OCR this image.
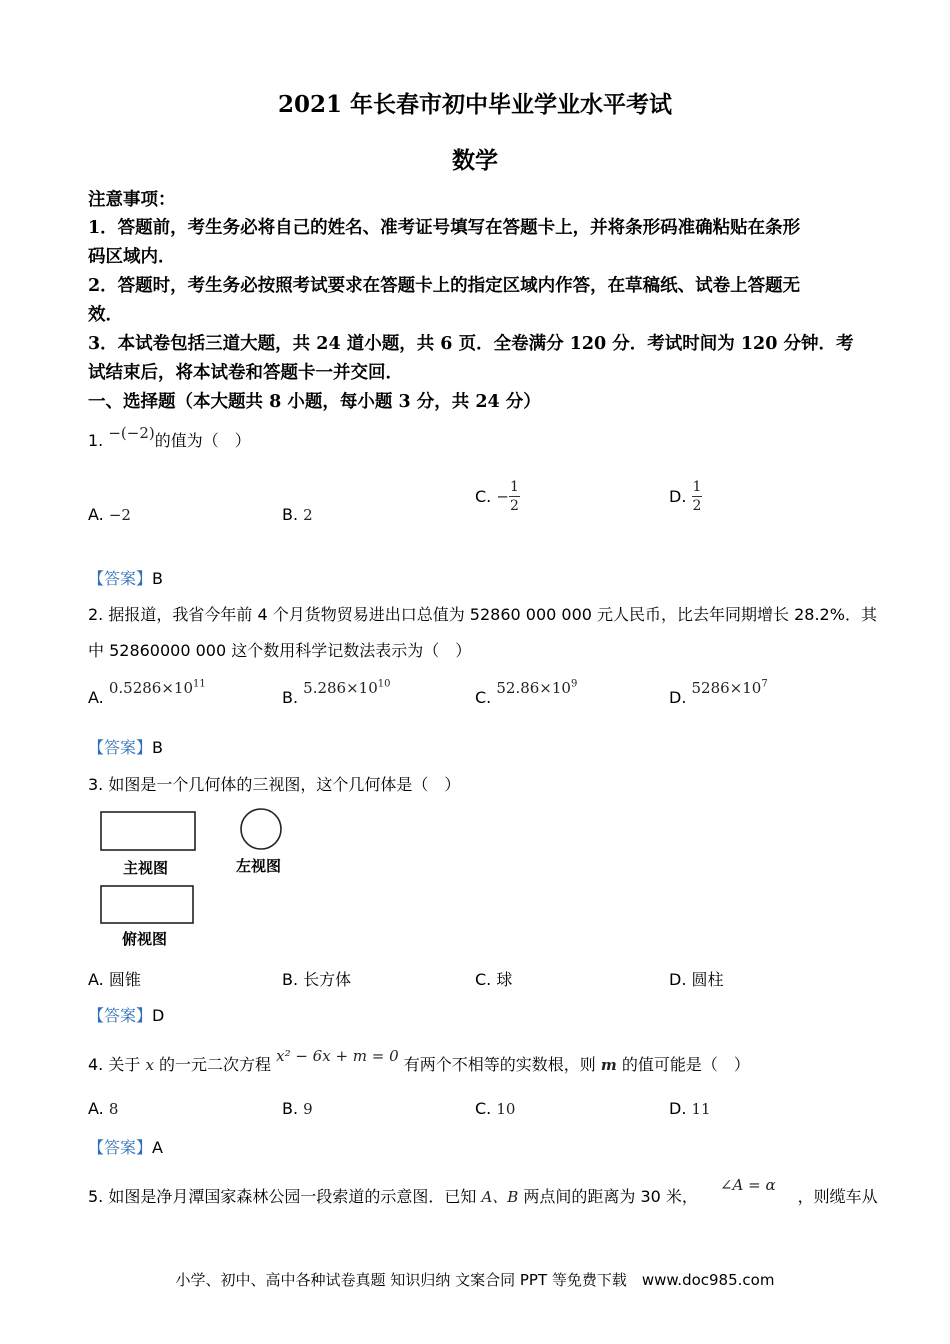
2021 年长春市初中毕业学业水平考试
数学
注意事项：
1．答题前，考生务必将自己的姓名、准考证号填写在答题卡上，并将条形码准确粘贴在条形
码区域内．
2．答题时，考生务必按照考试要求在答题卡上的指定区域内作答，在草稿纸、试卷上答题无
效．
3．本试卷包括三道大题，共 24 道小题，共 6 页．全卷满分 120 分．考试时间为 120 分钟．考
试结束后，将本试卷和答题卡一并交回．
一、选择题（本大题共 8 小题，每小题 3 分，共 24 分）
1. −(−2)的值为（　）
A. −2	B. 2
C. − $\frac{1}{2}$	D. $\frac{1}{2}$
【答案】B
2. 据报道，我省今年前 4 个月货物贸易进出口总值为 52860 000 000 元人民币，比去年同期增长 28.2%．其
中 52860000 000 这个数用科学记数法表示为（　）
A. $0.5286\times 10^{11}$
B. $5.286\times 10^{10}$
C. $52.86\times 10^9$
D. $5286\times 10^7$
【答案】B
3. 如图是一个几何体的三视图，这个几何体是（　）
主视图	左视图
俯视图
A. 圆锥	B. 长方体	C. 球	D. 圆柱
【答案】D
4. 关于 x 的一元二次方程 x² − 6x + m = 0 有两个不相等的实数根，则 m 的值可能是（　）
A. 8	B. 9	C. 10	D. 11
【答案】A
5. 如图是净月潭国家森林公园一段索道的示意图．已知 A、B 两点间的距离为 30 米，∠A = α，则缆车从
小学、初中、高中各种试卷真题 知识归纳 文案合同 PPT 等免费下载　www.doc985.com
